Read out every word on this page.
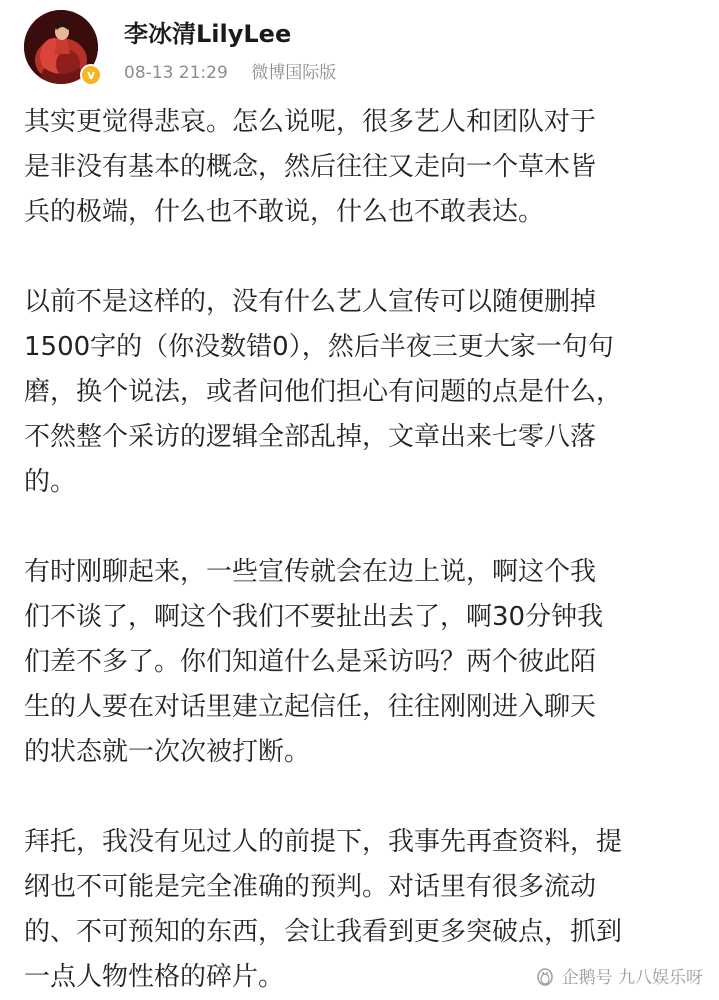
v
李冰清LilyLee
08-13 21:29 微博国际版

其实更觉得悲哀。怎么说呢，很多艺人和团队对于
是非没有基本的概念，然后往往又走向一个草木皆
兵的极端，什么也不敢说，什么也不敢表达。

以前不是这样的，没有什么艺人宣传可以随便删掉
1500字的（你没数错0），然后半夜三更大家一句句
磨，换个说法，或者问他们担心有问题的点是什么，
不然整个采访的逻辑全部乱掉，文章出来七零八落
的。

有时刚聊起来，一些宣传就会在边上说，啊这个我
们不谈了，啊这个我们不要扯出去了，啊30分钟我
们差不多了。你们知道什么是采访吗？两个彼此陌
生的人要在对话里建立起信任，往往刚刚进入聊天
的状态就一次次被打断。

拜托，我没有见过人的前提下，我事先再查资料，提
纲也不可能是完全准确的预判。对话里有很多流动
的、不可预知的东西，会让我看到更多突破点，抓到
一点人物性格的碎片。	企鹅号 九八娱乐呀
